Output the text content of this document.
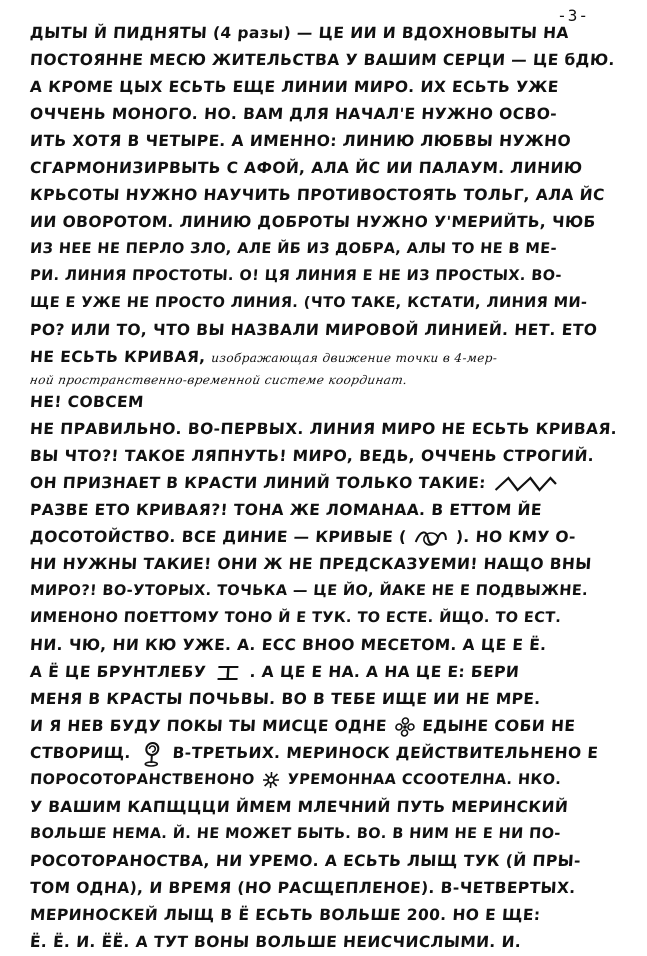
-3-
ДЫТЫ Й ПИДНЯТЫ (4 разы) — ЦЕ ИИ И ВДОХНОВЫТЫ НА
ПОСТОЯННЕ МЕСЮ ЖИТЕЛЬСТВА У ВАШИМ СЕРЦИ — ЦЕ бДЮ.
А КРОМЕ ЦЫХ ЕСЬТЬ ЕЩЕ ЛИНИИ МИРО. ИХ ЕСЬТЬ УЖЕ
ОЧЧЕНЬ МОНОГО. НО. ВАМ ДЛЯ НАЧАЛ'Е НУЖНО ОСВО-
ИТЬ ХОТЯ В ЧЕТЫРЕ. А ИМЕННО: ЛИНИЮ ЛЮБВЫ НУЖНО
СГАРМОНИЗИРВЫТЬ С АФОЙ, АЛА ЙС ИИ ПАЛАУМ. ЛИНИЮ
КРЬСОТЫ НУЖНО НАУЧИТЬ ПРОТИВОСТОЯТЬ ТОЛЬГ, АЛА ЙС
ИИ ОВОРОТОМ. ЛИНИЮ ДОБРОТЫ НУЖНО У'МЕРИЙТЬ, ЧЮБ
ИЗ НЕЕ НЕ ПЕРЛО ЗЛО, АЛЕ ЙБ ИЗ ДОБРА, АЛЫ ТО НЕ В МЕ-
РИ. ЛИНИЯ ПРОСТОТЫ. О! ЦЯ ЛИНИЯ Е НЕ ИЗ ПРОСТЫХ. ВО-
ЩЕ Е УЖЕ НЕ ПРОСТО ЛИНИЯ. (ЧТО ТАКЕ, КСТАТИ, ЛИНИЯ МИ-
РО? ИЛИ ТО, ЧТО ВЫ НАЗВАЛИ МИРОВОЙ ЛИНИЕЙ. НЕТ. ЕТО
НЕ ЕСЬТЬ КРИВАЯ, изображающая движение точки в 4-мер-
ной пространственно-временной системе координат.
НЕ! СОВСЕМ
НЕ ПРАВИЛЬНО. ВО-ПЕРВЫХ. ЛИНИЯ МИРО НЕ ЕСЬТЬ КРИВАЯ.
ВЫ ЧТО?! ТАКОЕ ЛЯПНУТЬ! МИРО, ВЕДЬ, ОЧЧЕНЬ СТРОГИЙ.
ОН ПРИЗНАЕТ В КРАСТИ ЛИНИЙ ТОЛЬКО ТАКИЕ:
РАЗВЕ ЕТО КРИВАЯ?! ТОНА ЖЕ ЛОМАНАА. В ЕТТОМ ЙЕ
ДОСОТОЙСТВО. ВСЕ ДИНИЕ — КРИВЫЕ (	). НО КМУ О-
НИ НУЖНЫ ТАКИЕ! ОНИ Ж НЕ ПРЕДСКАЗУЕМИ! НАЩО ВНЫ
МИРО?! ВО-УТОРЫХ. ТОЧЬКА — ЦЕ ЙО, ЙАКЕ НЕ Е ПОДВЫЖНЕ.
ИМЕНОНО ПОЕТТОМУ ТОНО Й Е ТУК. ТО ЕСТЕ. ЙЩО. ТО ЕСТ.
НИ. ЧЮ, НИ КЮ УЖЕ. А. ЕСС ВНОО МЕСЕТОМ. А ЦЕ Е Ё.
А Ё ЦЕ БРУНТЛЕБУ	. А ЦЕ Е НА. А НА ЦЕ Е: БЕРИ
МЕНЯ В КРАСТЫ ПОЧЬВЫ. ВО В ТЕБЕ ИЩЕ ИИ НЕ МРЕ.
И Я НЕВ БУДУ ПОКЫ ТЫ МИСЦЕ ОДНЕ ЕДЫНЕ СОБИ НЕ
СТВОРИЩ.	В-ТРЕТЬИХ. МЕРИНОСК ДЕЙСТВИТЕЛЬНЕНО Е
ПОРОСОТОРАНСТВЕНОНО УРЕМОННАА ССООТЕЛНА. НКО.
У ВАШИМ КАПЩЦЦИ ЙМЕМ МЛЕЧНИЙ ПУТЬ МЕРИНСКИЙ
ВОЛЬШЕ НЕМА. Й. НЕ МОЖЕТ БЫТЬ. ВО. В НИМ НЕ Е НИ ПО-
РОСОТОРАНОСТВА, НИ УРЕМО. А ЕСЬТЬ ЛЫЩ ТУК (Й ПРЫ-
ТОМ ОДНА), И ВРЕМЯ (НО РАСЩЕПЛЕНОЕ). В-ЧЕТВЕРТЫХ.
МЕРИНОСКЕЙ ЛЫЩ В Ё ЕСЬТЬ ВОЛЬШЕ 200. НО Е ЩЕ:
Ё. Ё. И. ЁЁ. А ТУТ ВОНЫ ВОЛЬШЕ НЕИСЧИСЛЫМИ. И.
